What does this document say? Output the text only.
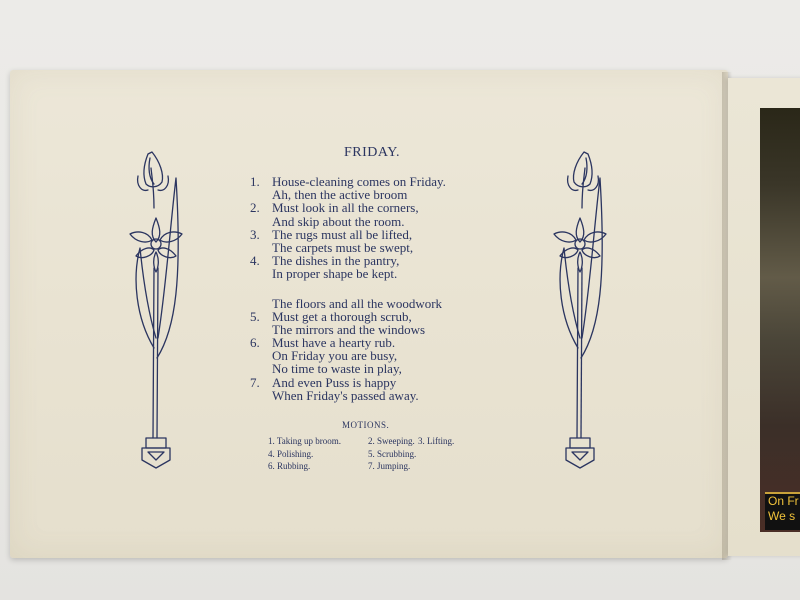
On Fr
We s
FRIDAY.
1. House-cleaning comes on Friday.
Ah, then the active broom
2. Must look in all the corners,
And skip about the room.
3. The rugs must all be lifted,
The carpets must be swept,
4. The dishes in the pantry,
In proper shape be kept.
The floors and all the woodwork
5. Must get a thorough scrub,
The mirrors and the windows
6. Must have a hearty rub.
On Friday you are busy,
No time to waste in play,
7. And even Puss is happy
When Friday's passed away.
MOTIONS.
1. Taking up broom.	2. Sweeping. 3. Lifting.
4. Polishing.	5. Scrubbing.
6. Rubbing.	7. Jumping.
